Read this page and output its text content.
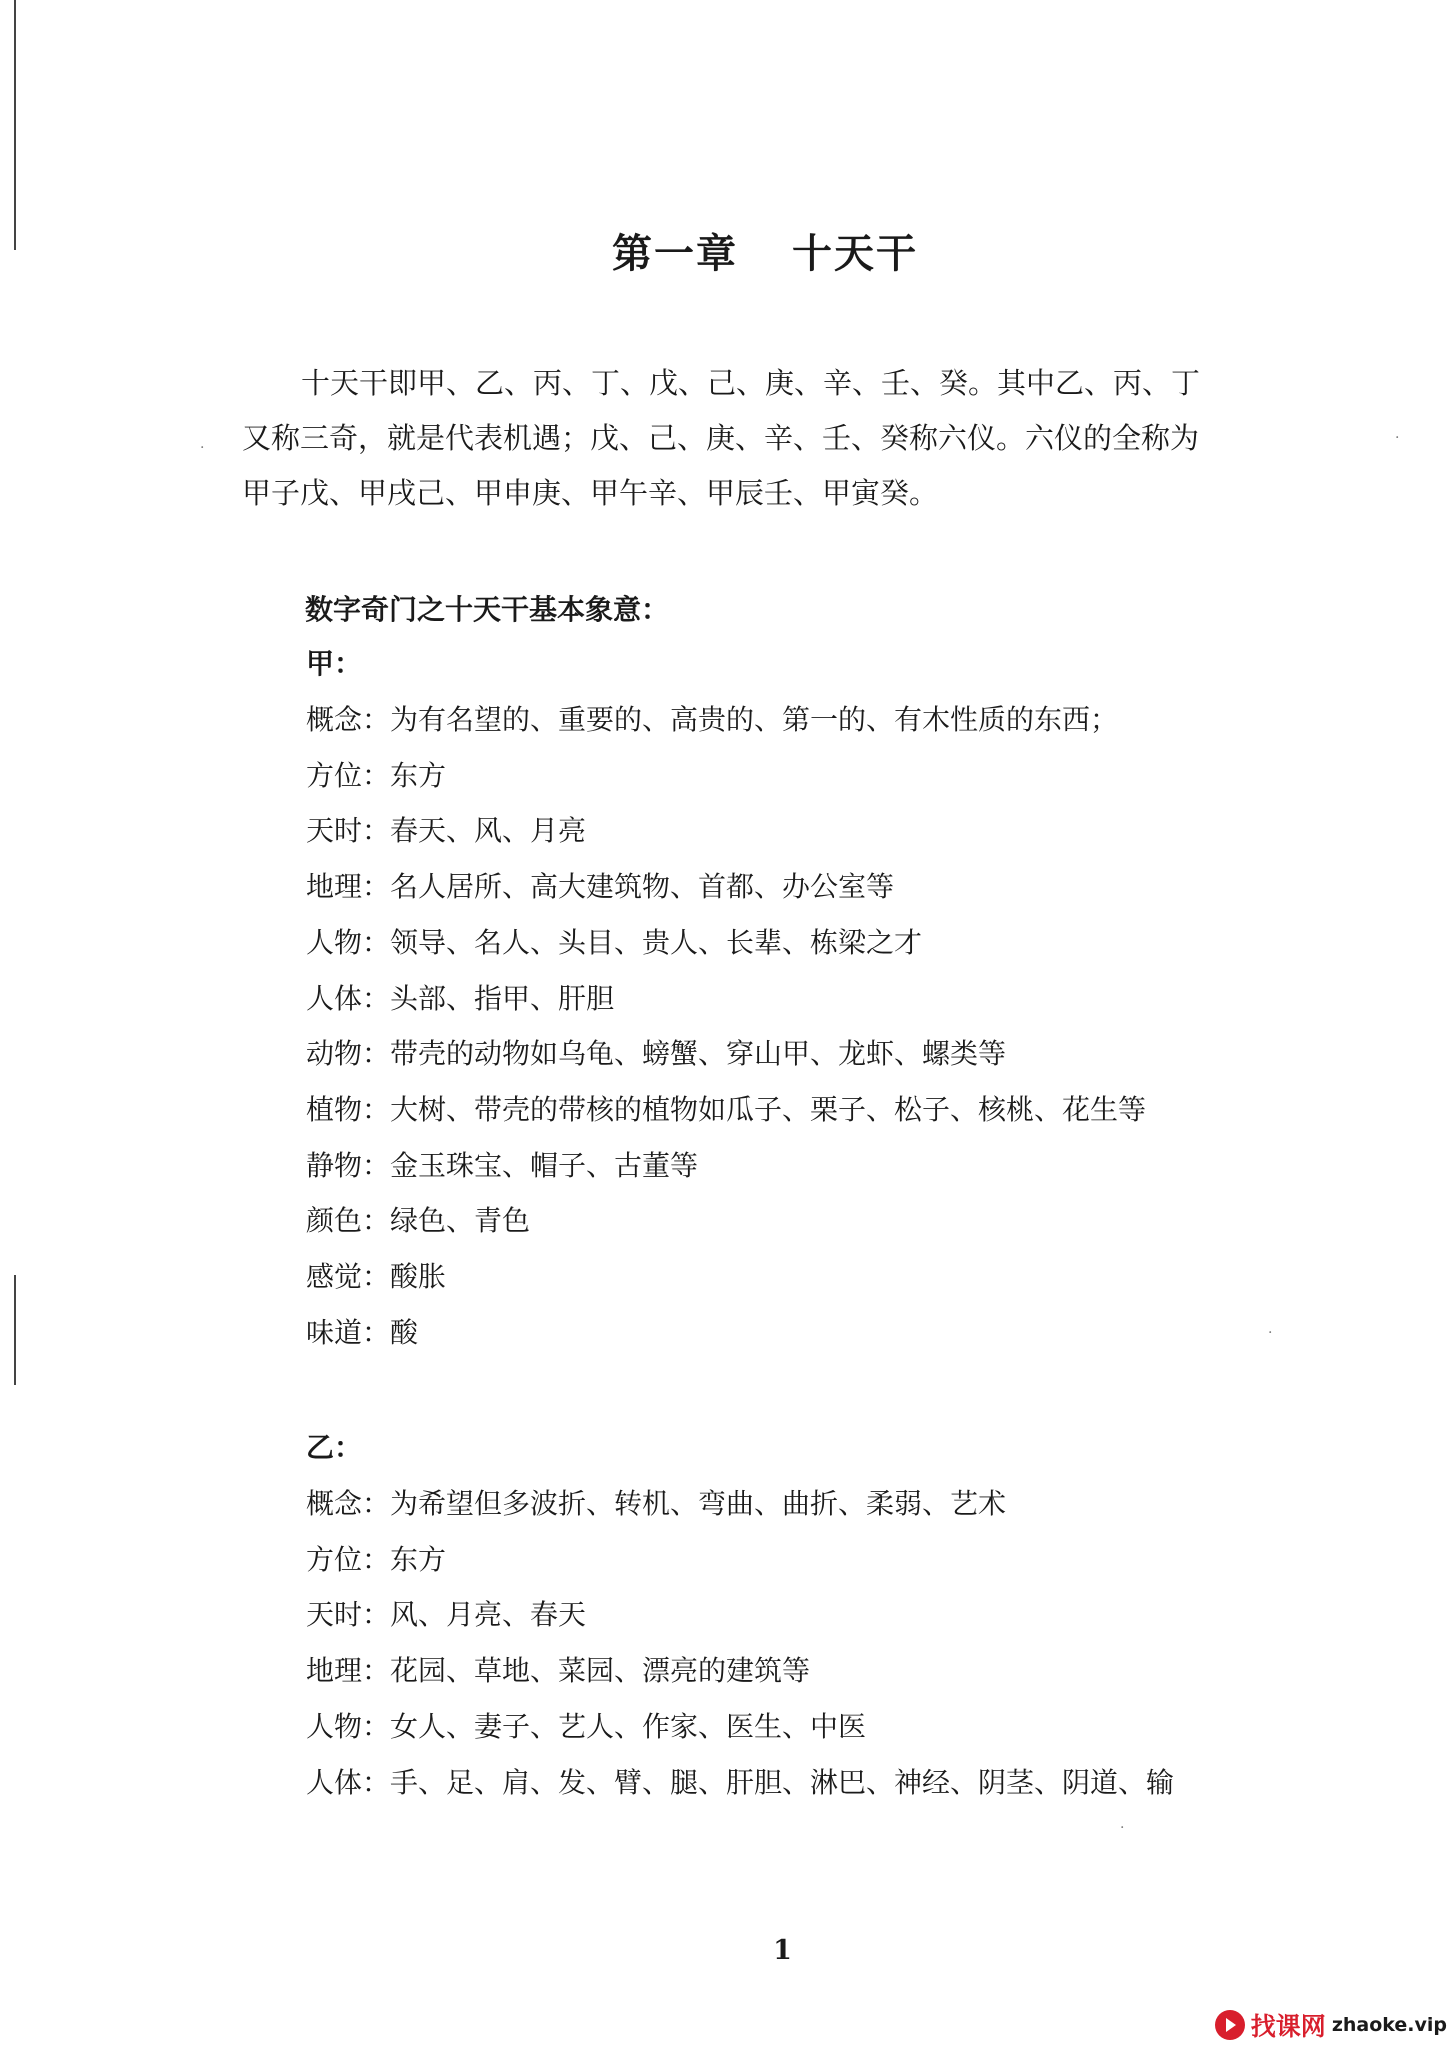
第一章 十天干
十天干即甲、乙、丙、丁、戊、己、庚、辛、壬、癸。其中乙、丙、丁
又称三奇，就是代表机遇；戊、己、庚、辛、壬、癸称六仪。六仪的全称为
甲子戊、甲戌己、甲申庚、甲午辛、甲辰壬、甲寅癸。
数字奇门之十天干基本象意：
甲：
概念：为有名望的、重要的、高贵的、第一的、有木性质的东西；
方位：东方
天时：春天、风、月亮
地理：名人居所、高大建筑物、首都、办公室等
人物：领导、名人、头目、贵人、长辈、栋梁之才
人体：头部、指甲、肝胆
动物：带壳的动物如乌龟、螃蟹、穿山甲、龙虾、螺类等
植物：大树、带壳的带核的植物如瓜子、栗子、松子、核桃、花生等
静物：金玉珠宝、帽子、古董等
颜色：绿色、青色
感觉：酸胀
味道：酸
乙：
概念：为希望但多波折、转机、弯曲、曲折、柔弱、艺术
方位：东方
天时：风、月亮、春天
地理：花园、草地、菜园、漂亮的建筑等
人物：女人、妻子、艺人、作家、医生、中医
人体：手、足、肩、发、臂、腿、肝胆、淋巴、神经、阴茎、阴道、输

1

·
·
·
·
找课网 zhaoke.vip
